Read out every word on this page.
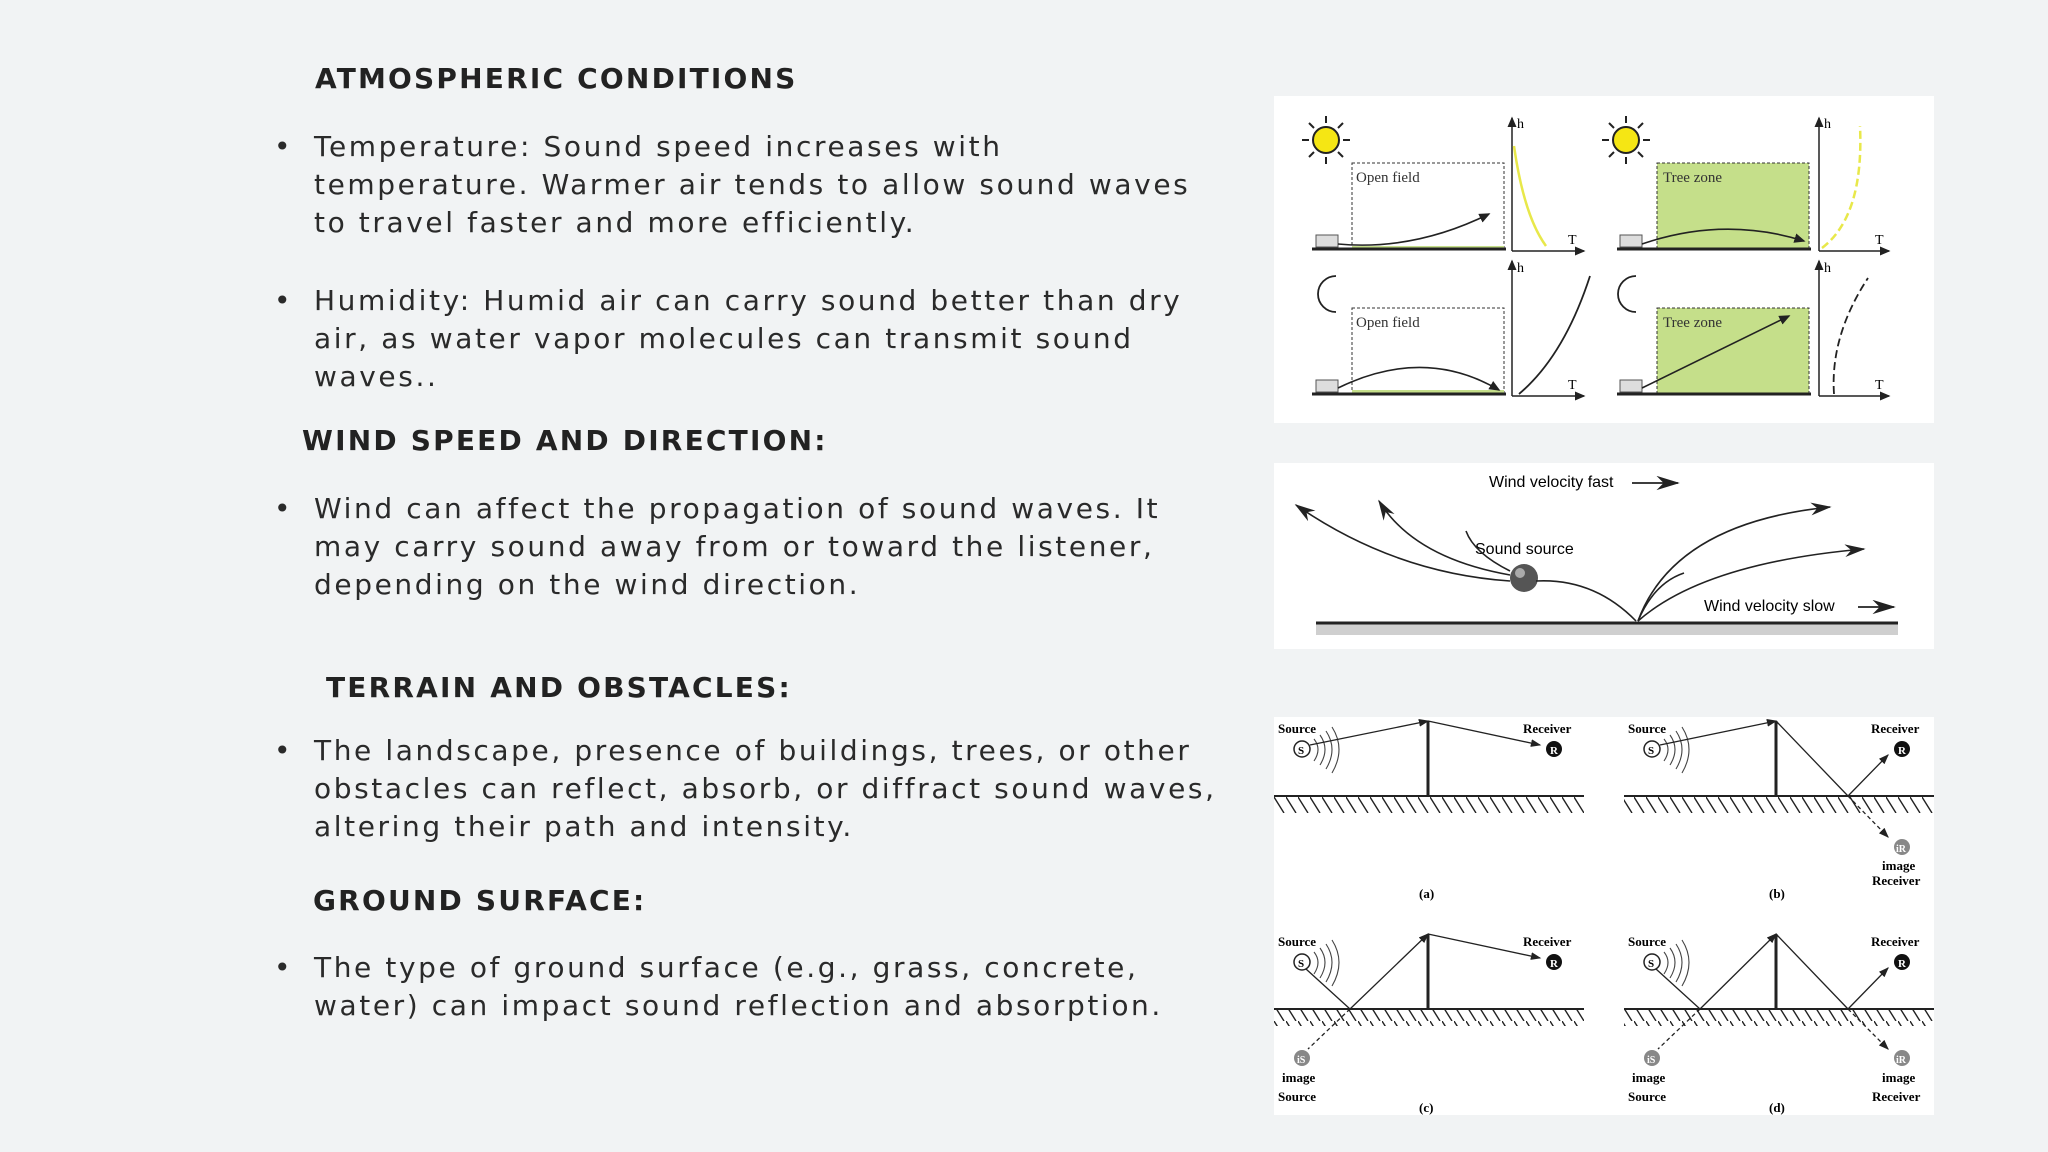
ATMOSPHERIC CONDITIONS
• Temperature: Sound speed increases with temperature. Warmer air tends to allow sound waves to travel faster and more efficiently.
• Humidity: Humid air can carry sound better than dry air, as water vapor molecules can transmit sound waves..
WIND SPEED AND DIRECTION:
• Wind can affect the propagation of sound waves. It may carry sound away from or toward the listener, depending on the wind direction.
TERRAIN AND OBSTACLES:
• The landscape, presence of buildings, trees, or other obstacles can reflect, absorb, or diffract sound waves, altering their path and intensity.
GROUND SURFACE:
• The type of ground surface (e.g., grass, concrete, water) can impact sound reflection and absorption.
Open field
h
T
Tree zone
h
T
Open field
h
T
Tree zone
h
T
Wind velocity fast
Sound source
Wind velocity slow
Source
S
Receiver
R
(a)
Source
S
Receiver
R
iR
image
Receiver
(b)
Source
S
Receiver
R
iS
image
Source
(c)
Source
S
Receiver
R
iS
image
Source
iR
image
Receiver
(d)
